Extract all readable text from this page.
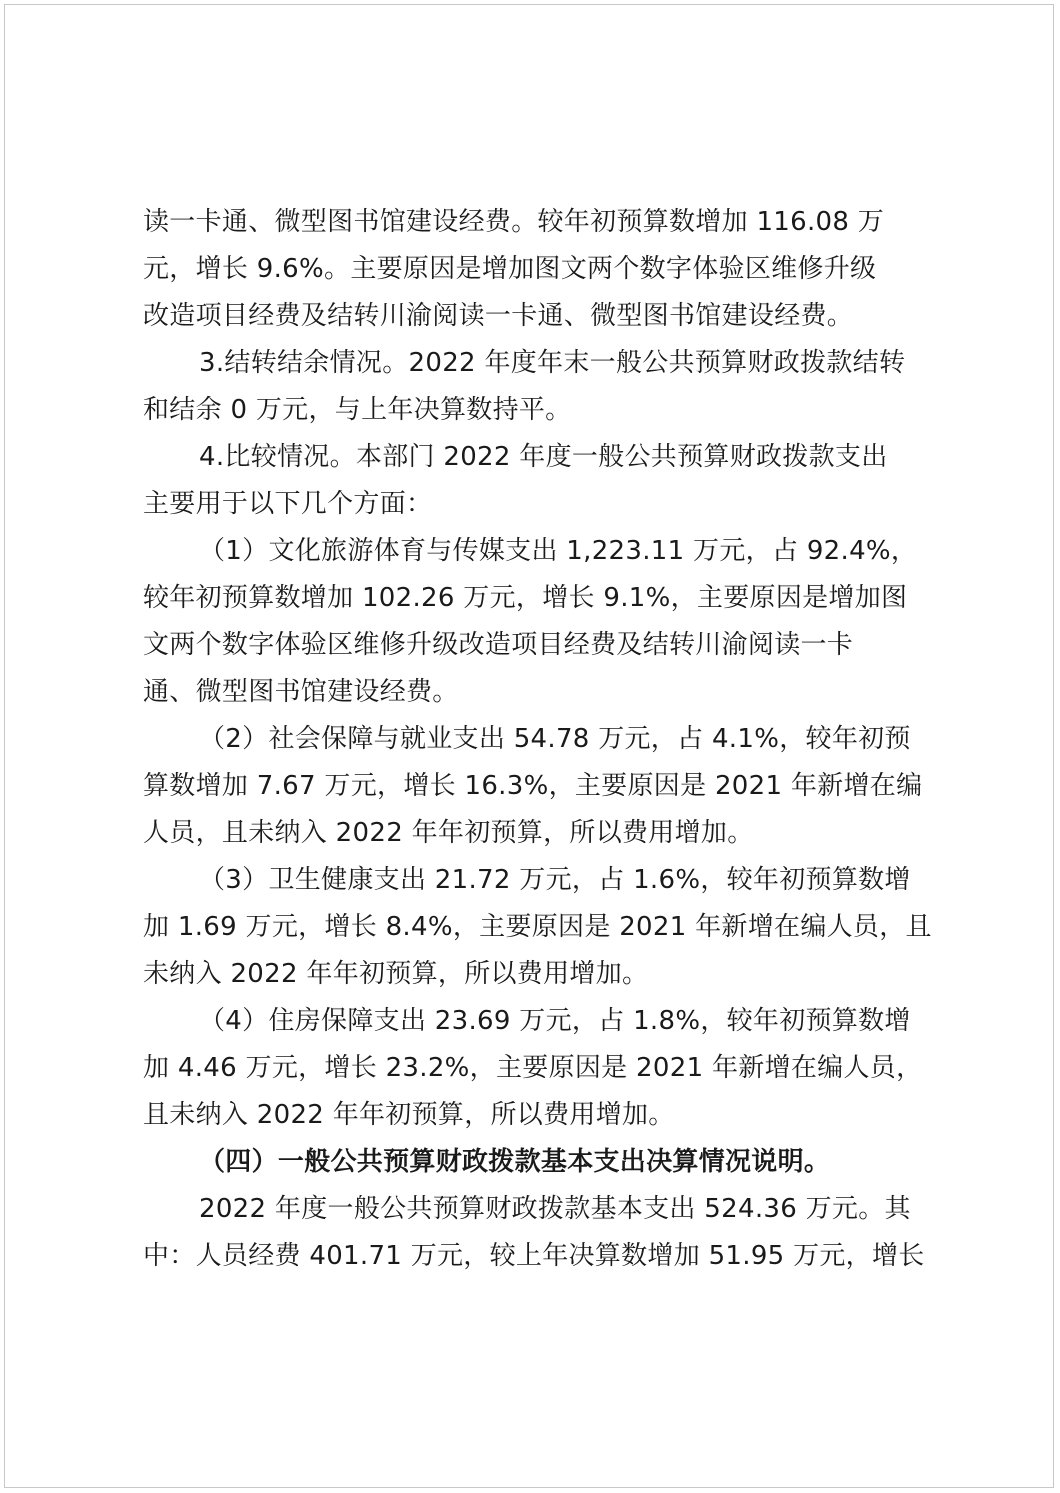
读一卡通、微型图书馆建设经费。较年初预算数增加 116.08 万
元，增长 9.6%。主要原因是增加图文两个数字体验区维修升级
改造项目经费及结转川渝阅读一卡通、微型图书馆建设经费。
3.结转结余情况。2022 年度年末一般公共预算财政拨款结转
和结余 0 万元，与上年决算数持平。
4.比较情况。本部门 2022 年度一般公共预算财政拨款支出
主要用于以下几个方面：
（1）文化旅游体育与传媒支出 1,223.11 万元，占 92.4%，
较年初预算数增加 102.26 万元，增长 9.1%，主要原因是增加图
文两个数字体验区维修升级改造项目经费及结转川渝阅读一卡
通、微型图书馆建设经费。
（2）社会保障与就业支出 54.78 万元，占 4.1%，较年初预
算数增加 7.67 万元，增长 16.3%，主要原因是 2021 年新增在编
人员，且未纳入 2022 年年初预算，所以费用增加。
（3）卫生健康支出 21.72 万元，占 1.6%，较年初预算数增
加 1.69 万元，增长 8.4%，主要原因是 2021 年新增在编人员，且
未纳入 2022 年年初预算，所以费用增加。
（4）住房保障支出 23.69 万元，占 1.8%，较年初预算数增
加 4.46 万元，增长 23.2%，主要原因是 2021 年新增在编人员，
且未纳入 2022 年年初预算，所以费用增加。
（四）一般公共预算财政拨款基本支出决算情况说明。
2022 年度一般公共预算财政拨款基本支出 524.36 万元。其
中：人员经费 401.71 万元，较上年决算数增加 51.95 万元，增长
